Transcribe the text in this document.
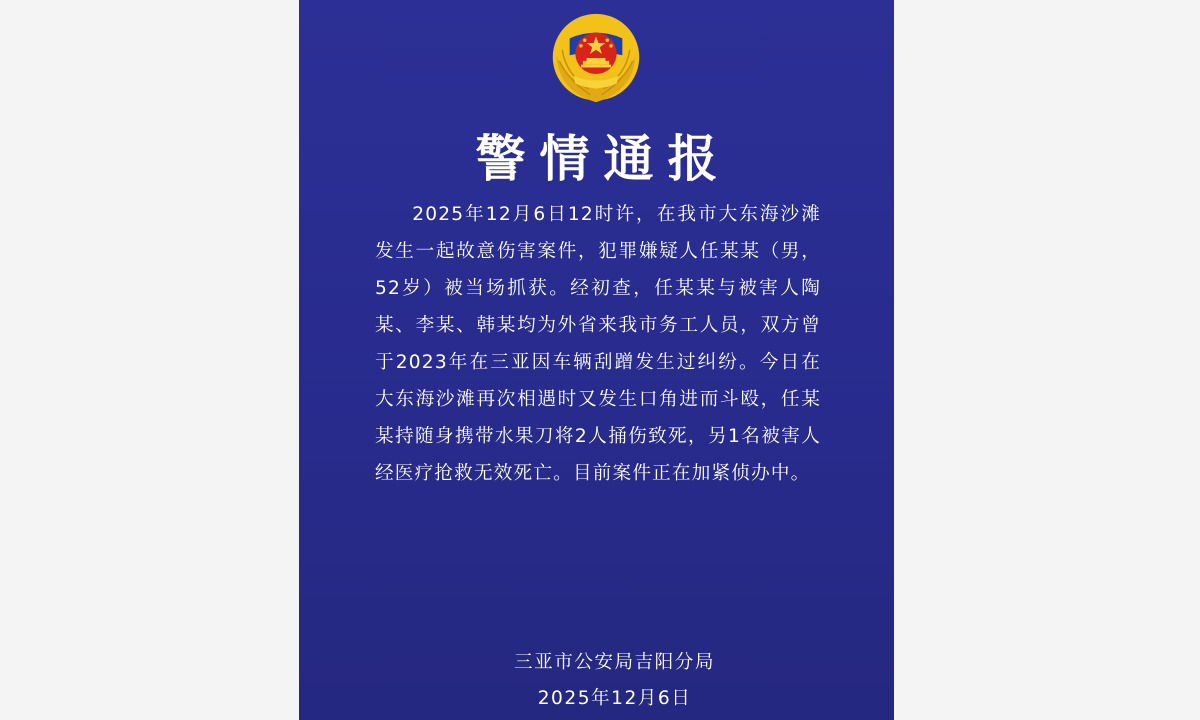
警情通报

2025年12月6日12时许，在我市大东海沙滩发生一起故意伤害案件，犯罪嫌疑人任某某（男，52岁）被当场抓获。经初查，任某某与被害人陶某、李某、韩某均为外省来我市务工人员，双方曾于2023年在三亚因车辆刮蹭发生过纠纷。今日在大东海沙滩再次相遇时又发生口角进而斗殴，任某某持随身携带水果刀将2人捅伤致死，另1名被害人经医疗抢救无效死亡。目前案件正在加紧侦办中。

三亚市公安局吉阳分局
2025年12月6日
